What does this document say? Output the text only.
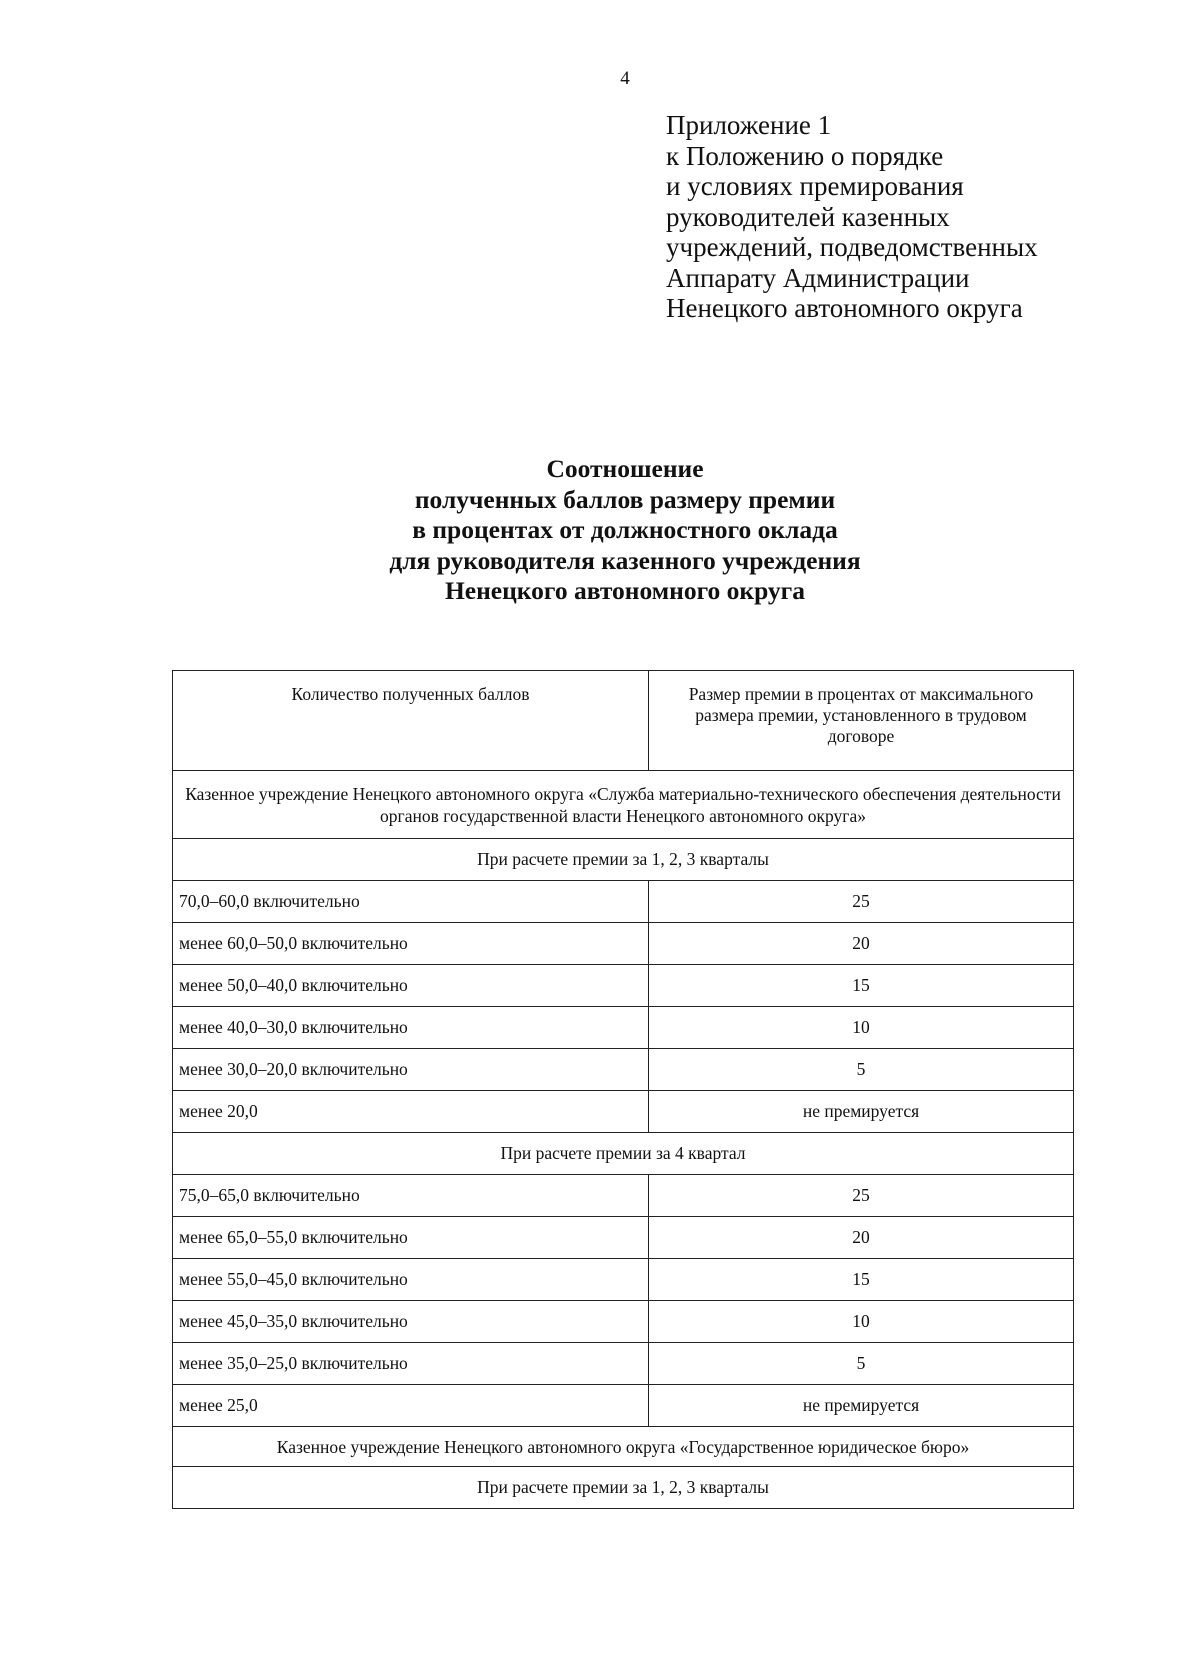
4
Приложение 1
к Положению о порядке
и условиях премирования
руководителей казенных
учреждений, подведомственных
Аппарату Администрации
Ненецкого автономного округа
Соотношение
полученных баллов размеру премии
в процентах от должностного оклада
для руководителя казенного учреждения
Ненецкого автономного округа
Количество полученных баллов	Размер премии в процентах от максимального размера премии, установленного в трудовом договоре
Казенное учреждение Ненецкого автономного округа «Служба материально-технического обеспечения деятельности органов государственной власти Ненецкого автономного округа»	
При расчете премии за 1, 2, 3 кварталы	
70,0–60,0 включительно	25
менее 60,0–50,0 включительно	20
менее 50,0–40,0 включительно	15
менее 40,0–30,0 включительно	10
менее 30,0–20,0 включительно	5
менее 20,0	не премируется
При расчете премии за 4 квартал	
75,0–65,0 включительно	25
менее 65,0–55,0 включительно	20
менее 55,0–45,0 включительно	15
менее 45,0–35,0 включительно	10
менее 35,0–25,0 включительно	5
менее 25,0	не премируется
Казенное учреждение Ненецкого автономного округа «Государственное юридическое бюро»	
При расчете премии за 1, 2, 3 кварталы	
